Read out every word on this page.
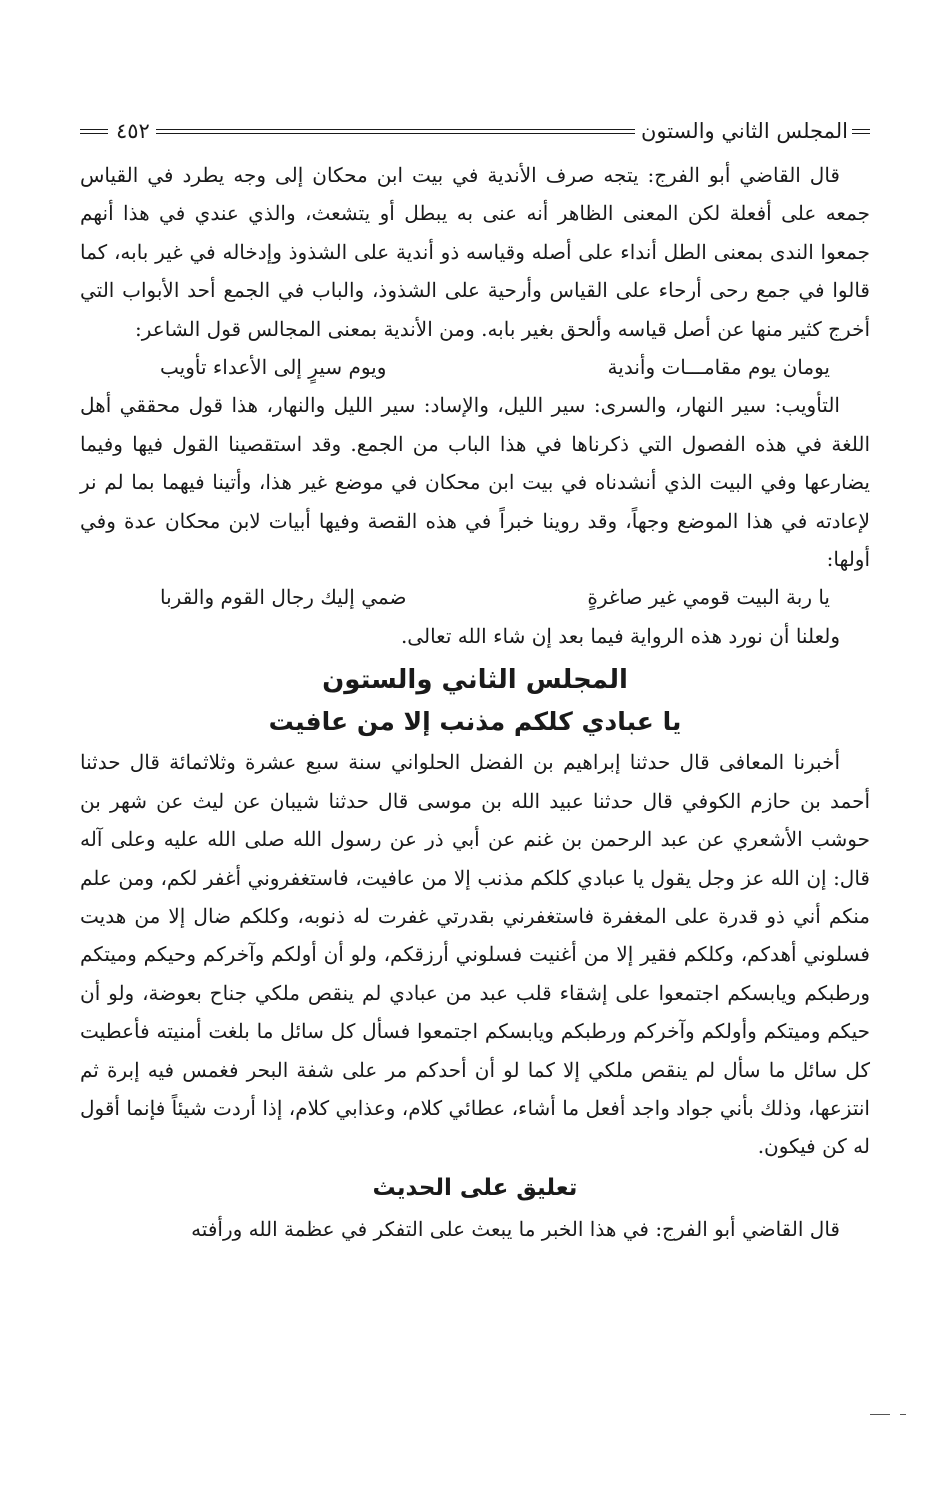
المجلس الثاني والستون
٤٥٢

قال القاضي أبو الفرج: يتجه صرف الأندية في بيت ابن محكان إلى وجه يطرد في القياس جمعه على أفعلة لكن المعنى الظاهر أنه عنى به يبطل أو يتشعث، والذي عندي في هذا أنهم جمعوا الندى بمعنى الطل أنداء على أصله وقياسه ذو أندية على الشذوذ وإدخاله في غير بابه، كما قالوا في جمع رحى أرحاء على القياس وأرحية على الشذوذ، والباب في الجمع أحد الأبواب التي أخرج كثير منها عن أصل قياسه وألحق بغير بابه. ومن الأندية بمعنى المجالس قول الشاعر:

يومان يوم مقامـــات وأندية
ويوم سيرٍ إلى الأعداء تأويب

التأويب: سير النهار، والسرى: سير الليل، والإساد: سير الليل والنهار، هذا قول محققي أهل اللغة في هذه الفصول التي ذكرناها في هذا الباب من الجمع. وقد استقصينا القول فيها وفيما يضارعها وفي البيت الذي أنشدناه في بيت ابن محكان في موضع غير هذا، وأتينا فيهما بما لم نر لإعادته في هذا الموضع وجهاً، وقد روينا خبراً في هذه القصة وفيها أبيات لابن محكان عدة وفي أولها:

يا ربة البيت قومي غير صاغرةٍ
ضمي إليك رجال القوم والقربا

ولعلنا أن نورد هذه الرواية فيما بعد إن شاء الله تعالى.

المجلس الثاني والستون
يا عبادي كلكم مذنب إلا من عافيت

أخبرنا المعافى قال حدثنا إبراهيم بن الفضل الحلواني سنة سبع عشرة وثلاثمائة قال حدثنا أحمد بن حازم الكوفي قال حدثنا عبيد الله بن موسى قال حدثنا شيبان عن ليث عن شهر بن حوشب الأشعري عن عبد الرحمن بن غنم عن أبي ذر عن رسول الله صلى الله عليه وعلى آله قال: إن الله عز وجل يقول يا عبادي كلكم مذنب إلا من عافيت، فاستغفروني أغفر لكم، ومن علم منكم أني ذو قدرة على المغفرة فاستغفرني بقدرتي غفرت له ذنوبه، وكلكم ضال إلا من هديت فسلوني أهدكم، وكلكم فقير إلا من أغنيت فسلوني أرزقكم، ولو أن أولكم وآخركم وحيكم وميتكم ورطبكم ويابسكم اجتمعوا على إشقاء قلب عبد من عبادي لم ينقص ملكي جناح بعوضة، ولو أن حيكم وميتكم وأولكم وآخركم ورطبكم ويابسكم اجتمعوا فسأل كل سائل ما بلغت أمنيته فأعطيت كل سائل ما سأل لم ينقص ملكي إلا كما لو أن أحدكم مر على شفة البحر فغمس فيه إبرة ثم انتزعها، وذلك بأني جواد واجد أفعل ما أشاء، عطائي كلام، وعذابي كلام، إذا أردت شيئاً فإنما أقول له كن فيكون.

تعليق على الحديث

قال القاضي أبو الفرج: في هذا الخبر ما يبعث على التفكر في عظمة الله ورأفته
